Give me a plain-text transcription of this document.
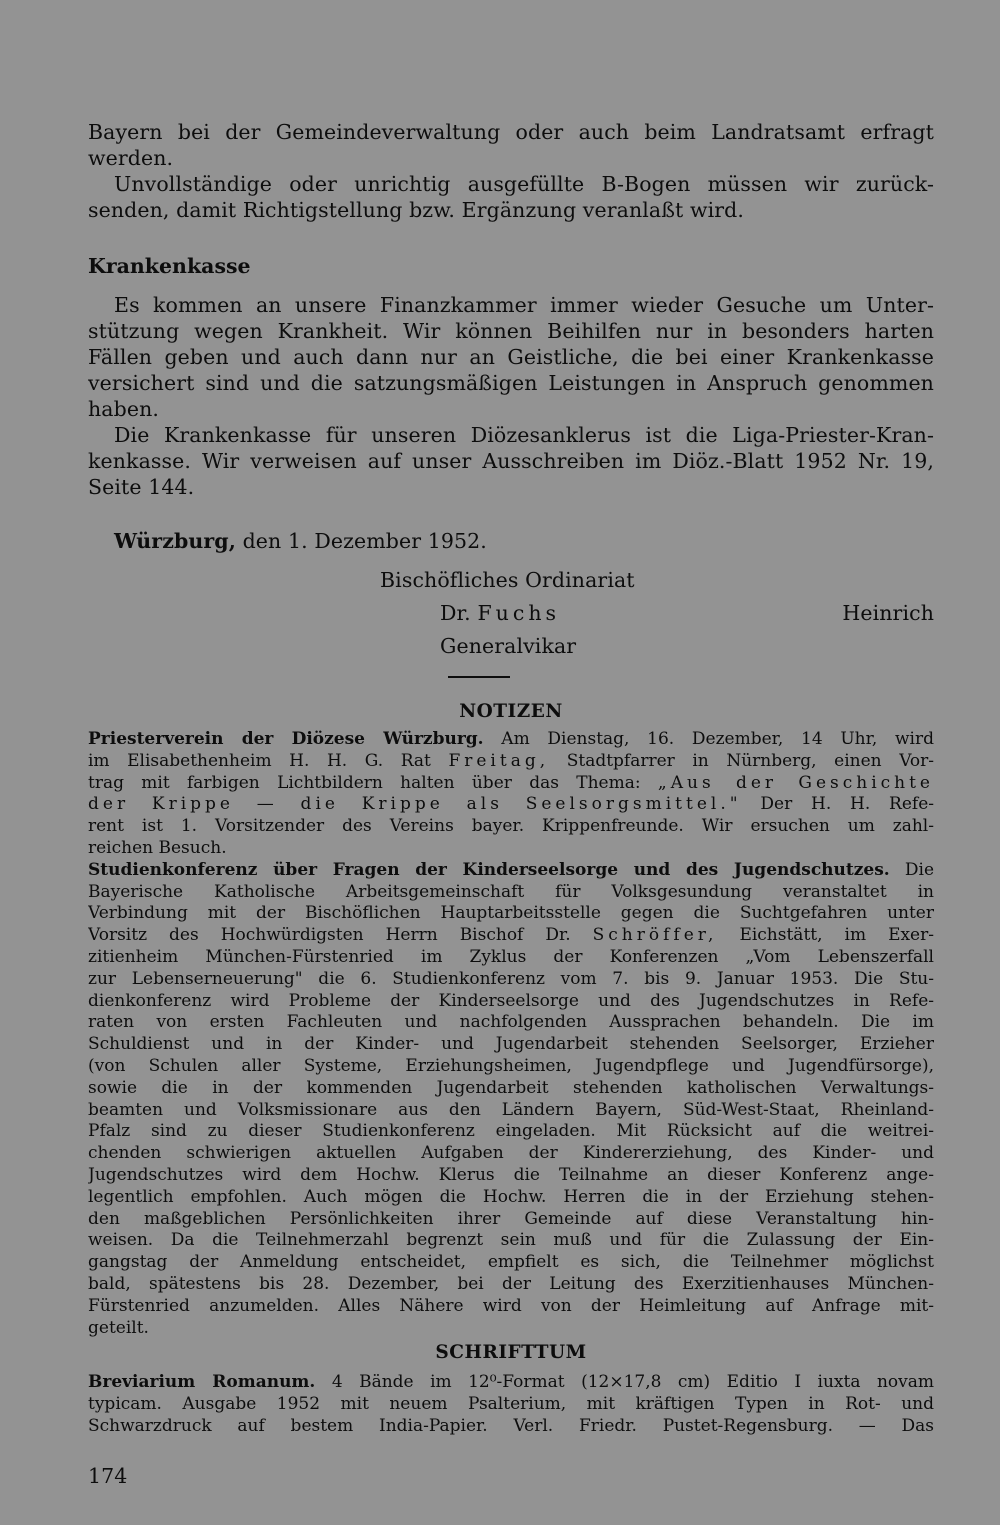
Bayern bei der Gemeindeverwaltung oder auch beim Landratsamt erfragt
werden.
Unvollständige oder unrichtig ausgefüllte B-Bogen müssen wir zurück-
senden, damit Richtigstellung bzw. Ergänzung veranlaßt wird.
Krankenkasse
Es kommen an unsere Finanzkammer immer wieder Gesuche um Unter-
stützung wegen Krankheit. Wir können Beihilfen nur in besonders harten
Fällen geben und auch dann nur an Geistliche, die bei einer Krankenkasse
versichert sind und die satzungsmäßigen Leistungen in Anspruch genommen
haben.
Die Krankenkasse für unseren Diözesanklerus ist die Liga-Priester-Kran-
kenkasse. Wir verweisen auf unser Ausschreiben im Diöz.-Blatt 1952 Nr. 19,
Seite 144.
Würzburg, den 1. Dezember 1952.
Bischöfliches Ordinariat
Dr. Fuchs	Heinrich
Generalvikar
NOTIZEN
Priesterverein der Diözese Würzburg. Am Dienstag, 16. Dezember, 14 Uhr, wird
im Elisabethenheim H. H. G. Rat Freitag, Stadtpfarrer in Nürnberg, einen Vor-
trag mit farbigen Lichtbildern halten über das Thema: „Aus der Geschichte
der Krippe — die Krippe als Seelsorgsmittel." Der H. H. Refe-
rent ist 1. Vorsitzender des Vereins bayer. Krippenfreunde. Wir ersuchen um zahl-
reichen Besuch.
Studienkonferenz über Fragen der Kinderseelsorge und des Jugendschutzes. Die
Bayerische Katholische Arbeitsgemeinschaft für Volksgesundung veranstaltet in
Verbindung mit der Bischöflichen Hauptarbeitsstelle gegen die Suchtgefahren unter
Vorsitz des Hochwürdigsten Herrn Bischof Dr. Schröffer, Eichstätt, im Exer-
zitienheim München-Fürstenried im Zyklus der Konferenzen „Vom Lebenszerfall
zur Lebenserneuerung" die 6. Studienkonferenz vom 7. bis 9. Januar 1953. Die Stu-
dienkonferenz wird Probleme der Kinderseelsorge und des Jugendschutzes in Refe-
raten von ersten Fachleuten und nachfolgenden Aussprachen behandeln. Die im
Schuldienst und in der Kinder- und Jugendarbeit stehenden Seelsorger, Erzieher
(von Schulen aller Systeme, Erziehungsheimen, Jugendpflege und Jugendfürsorge),
sowie die in der kommenden Jugendarbeit stehenden katholischen Verwaltungs-
beamten und Volksmissionare aus den Ländern Bayern, Süd-West-Staat, Rheinland-
Pfalz sind zu dieser Studienkonferenz eingeladen. Mit Rücksicht auf die weitrei-
chenden schwierigen aktuellen Aufgaben der Kindererziehung, des Kinder- und
Jugendschutzes wird dem Hochw. Klerus die Teilnahme an dieser Konferenz ange-
legentlich empfohlen. Auch mögen die Hochw. Herren die in der Erziehung stehen-
den maßgeblichen Persönlichkeiten ihrer Gemeinde auf diese Veranstaltung hin-
weisen. Da die Teilnehmerzahl begrenzt sein muß und für die Zulassung der Ein-
gangstag der Anmeldung entscheidet, empfielt es sich, die Teilnehmer möglichst
bald, spätestens bis 28. Dezember, bei der Leitung des Exerzitienhauses München-
Fürstenried anzumelden. Alles Nähere wird von der Heimleitung auf Anfrage mit-
geteilt.
SCHRIFTTUM
Breviarium Romanum. 4 Bände im 12⁰-Format (12×17,8 cm) Editio I iuxta novam
typicam. Ausgabe 1952 mit neuem Psalterium, mit kräftigen Typen in Rot- und
Schwarzdruck auf bestem India-Papier. Verl. Friedr. Pustet-Regensburg. — Das
174
